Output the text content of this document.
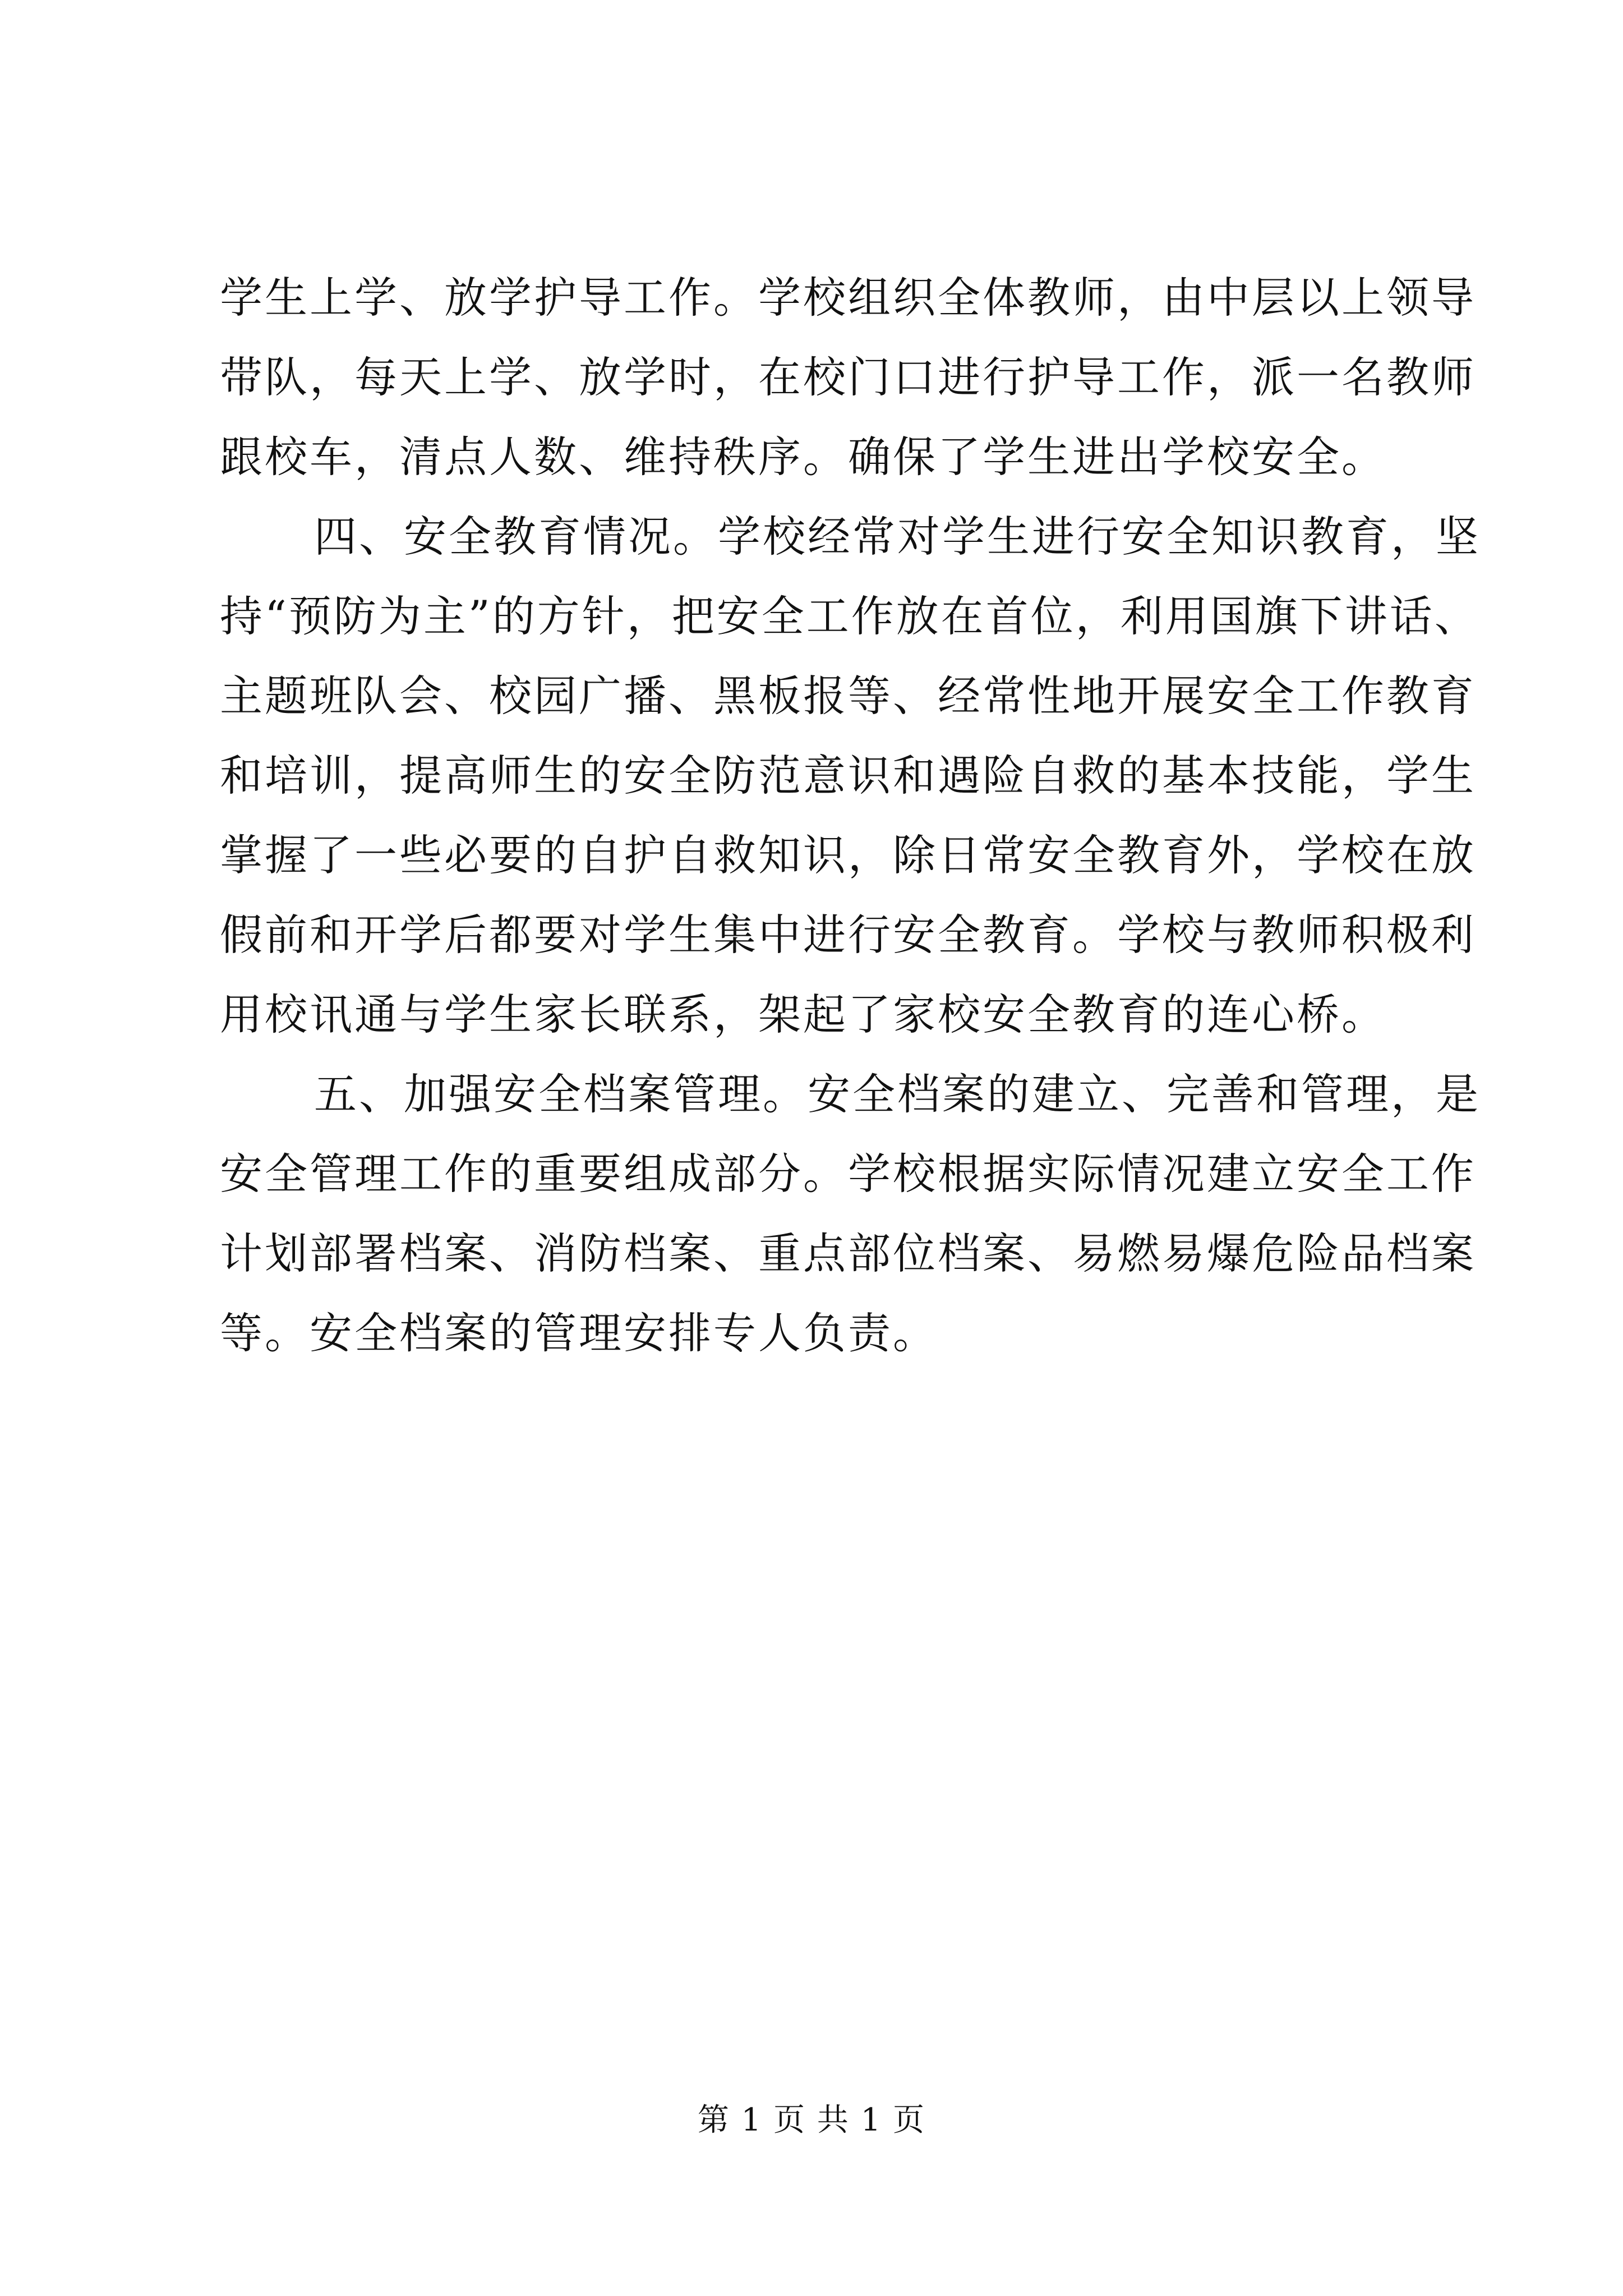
学生上学、放学护导工作。学校组织全体教师，由中层以上领导
带队，每天上学、放学时，在校门口进行护导工作，派一名教师
跟校车，清点人数、维持秩序。确保了学生进出学校安全。
四、安全教育情况。学校经常对学生进行安全知识教育，坚
持“预防为主”的方针，把安全工作放在首位，利用国旗下讲话、
主题班队会、校园广播、黑板报等、经常性地开展安全工作教育
和培训，提高师生的安全防范意识和遇险自救的基本技能，学生
掌握了一些必要的自护自救知识，除日常安全教育外，学校在放
假前和开学后都要对学生集中进行安全教育。学校与教师积极利
用校讯通与学生家长联系，架起了家校安全教育的连心桥。
五、加强安全档案管理。安全档案的建立、完善和管理，是
安全管理工作的重要组成部分。学校根据实际情况建立安全工作
计划部署档案、消防档案、重点部位档案、易燃易爆危险品档案
等。安全档案的管理安排专人负责。
第 1 页 共 1 页
